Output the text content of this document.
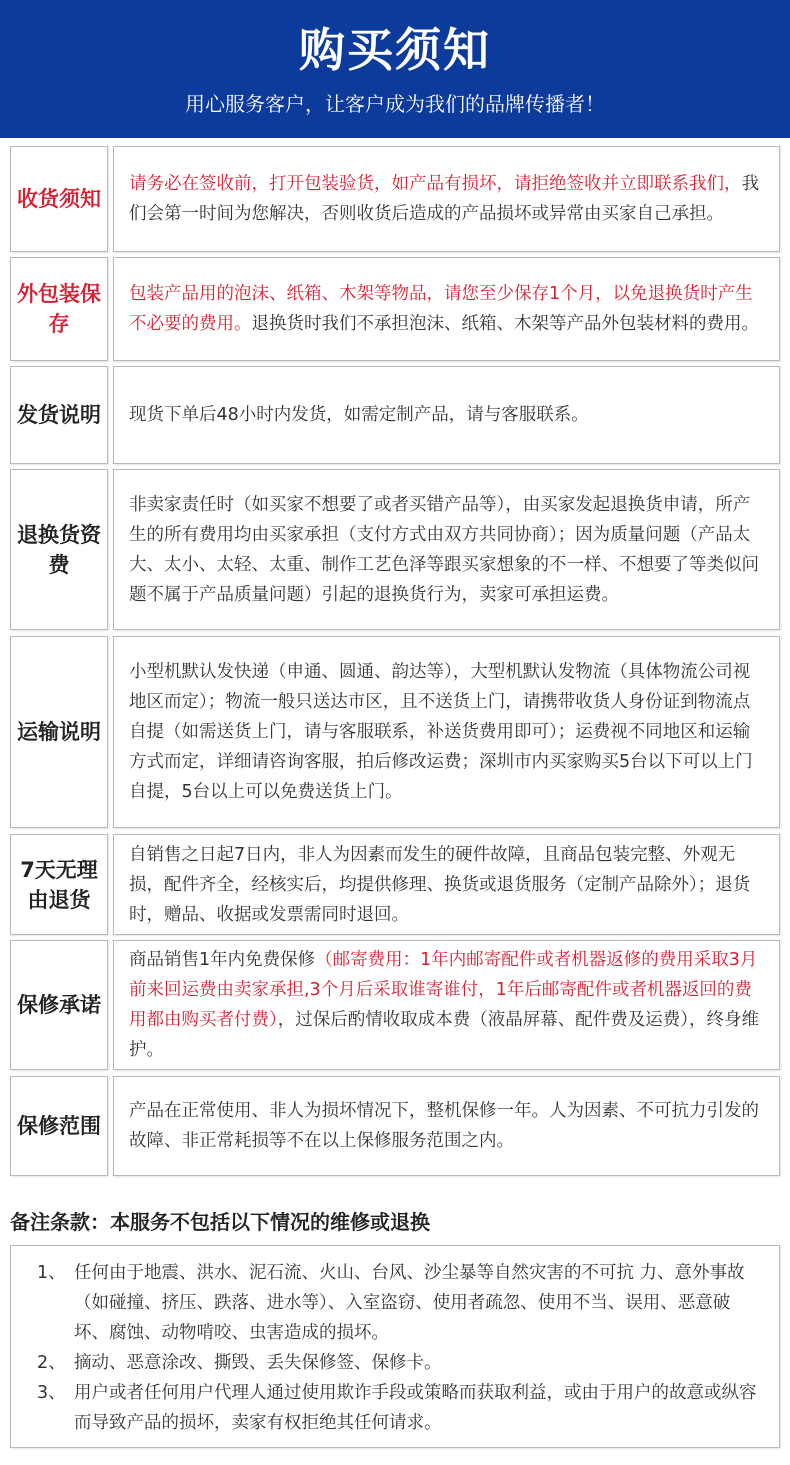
购买须知
用心服务客户，让客户成为我们的品牌传播者！
收货须知
请务必在签收前，打开包装验货，如产品有损坏，请拒绝签收并立即联系我们，我们会第一时间为您解决，否则收货后造成的产品损坏或异常由买家自己承担。
外包装保存
包装产品用的泡沫、纸箱、木架等物品，请您至少保存1个月，以免退换货时产生不必要的费用。退换货时我们不承担泡沫、纸箱、木架等产品外包装材料的费用。
发货说明 现货下单后48小时内发货，如需定制产品，请与客服联系。
退换货资费
非卖家责任时（如买家不想要了或者买错产品等），由买家发起退换货申请，所产生的所有费用均由买家承担（支付方式由双方共同协商）；因为质量问题（产品太大、太小、太轻、太重、制作工艺色泽等跟买家想象的不一样、不想要了等类似问题不属于产品质量问题）引起的退换货行为，卖家可承担运费。
运输说明
小型机默认发快递（申通、圆通、韵达等），大型机默认发物流（具体物流公司视地区而定）；物流一般只送达市区，且不送货上门，请携带收货人身份证到物流点自提（如需送货上门，请与客服联系，补送货费用即可）；运费视不同地区和运输方式而定，详细请咨询客服，拍后修改运费；深圳市内买家购买5台以下可以上门自提，5台以上可以免费送货上门。
7天无理由退货
自销售之日起7日内，非人为因素而发生的硬件故障，且商品包装完整、外观无损，配件齐全，经核实后，均提供修理、换货或退货服务（定制产品除外）；退货时，赠品、收据或发票需同时退回。
保修承诺
商品销售1年内免费保修（邮寄费用：1年内邮寄配件或者机器返修的费用采取3月前来回运费由卖家承担,3个月后采取谁寄谁付，1年后邮寄配件或者机器返回的费用都由购买者付费），过保后酌情收取成本费（液晶屏幕、配件费及运费），终身维护。
保修范围
产品在正常使用、非人为损坏情况下，整机保修一年。人为因素、不可抗力引发的故障、非正常耗损等不在以上保修服务范围之内。
备注条款：本服务不包括以下情况的维修或退换
1、 任何由于地震、洪水、泥石流、火山、台风、沙尘暴等自然灾害的不可抗 力、意外事故（如碰撞、挤压、跌落、进水等）、入室盗窃、使用者疏忽、使用不当、误用、恶意破坏、腐蚀、动物啃咬、虫害造成的损坏。
2、 摘动、恶意涂改、撕毁、丢失保修签、保修卡。
3、 用户或者任何用户代理人通过使用欺诈手段或策略而获取利益，或由于用户的故意或纵容而导致产品的损坏，卖家有权拒绝其任何请求。
